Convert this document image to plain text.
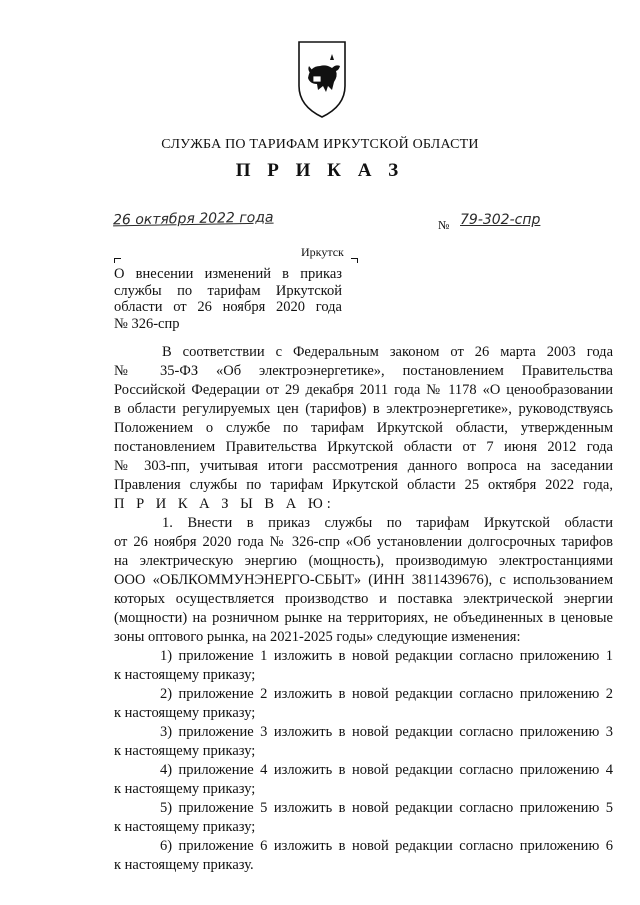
СЛУЖБА ПО ТАРИФАМ ИРКУТСКОЙ ОБЛАСТИ
П Р И К А З
26 октября 2022 года	№ 79-302-спр
Иркутск
О внесении изменений в приказ
службы по тарифам Иркутской
области от 26 ноября 2020 года
№ 326-спр
В соответствии с Федеральным законом от 26 марта 2003 года
№ 35-ФЗ «Об электроэнергетике», постановлением Правительства
Российской Федерации от 29 декабря 2011 года № 1178 «О ценообразовании
в области регулируемых цен (тарифов) в электроэнергетике», руководствуясь
Положением о службе по тарифам Иркутской области, утвержденным
постановлением Правительства Иркутской области от 7 июня 2012 года
№ 303-пп, учитывая итоги рассмотрения данного вопроса на заседании
Правления службы по тарифам Иркутской области 25 октября 2022 года,
П Р И К А З Ы В А Ю:
1. Внести в приказ службы по тарифам Иркутской области
от 26 ноября 2020 года № 326-спр «Об установлении долгосрочных тарифов
на электрическую энергию (мощность), производимую электростанциями
ООО «ОБЛКОММУНЭНЕРГО-СБЫТ» (ИНН 3811439676), с использованием
которых осуществляется производство и поставка электрической энергии
(мощности) на розничном рынке на территориях, не объединенных в ценовые
зоны оптового рынка, на 2021-2025 годы» следующие изменения:
1) приложение 1 изложить в новой редакции согласно приложению 1
к настоящему приказу;
2) приложение 2 изложить в новой редакции согласно приложению 2
к настоящему приказу;
3) приложение 3 изложить в новой редакции согласно приложению 3
к настоящему приказу;
4) приложение 4 изложить в новой редакции согласно приложению 4
к настоящему приказу;
5) приложение 5 изложить в новой редакции согласно приложению 5
к настоящему приказу;
6) приложение 6 изложить в новой редакции согласно приложению 6
к настоящему приказу.
